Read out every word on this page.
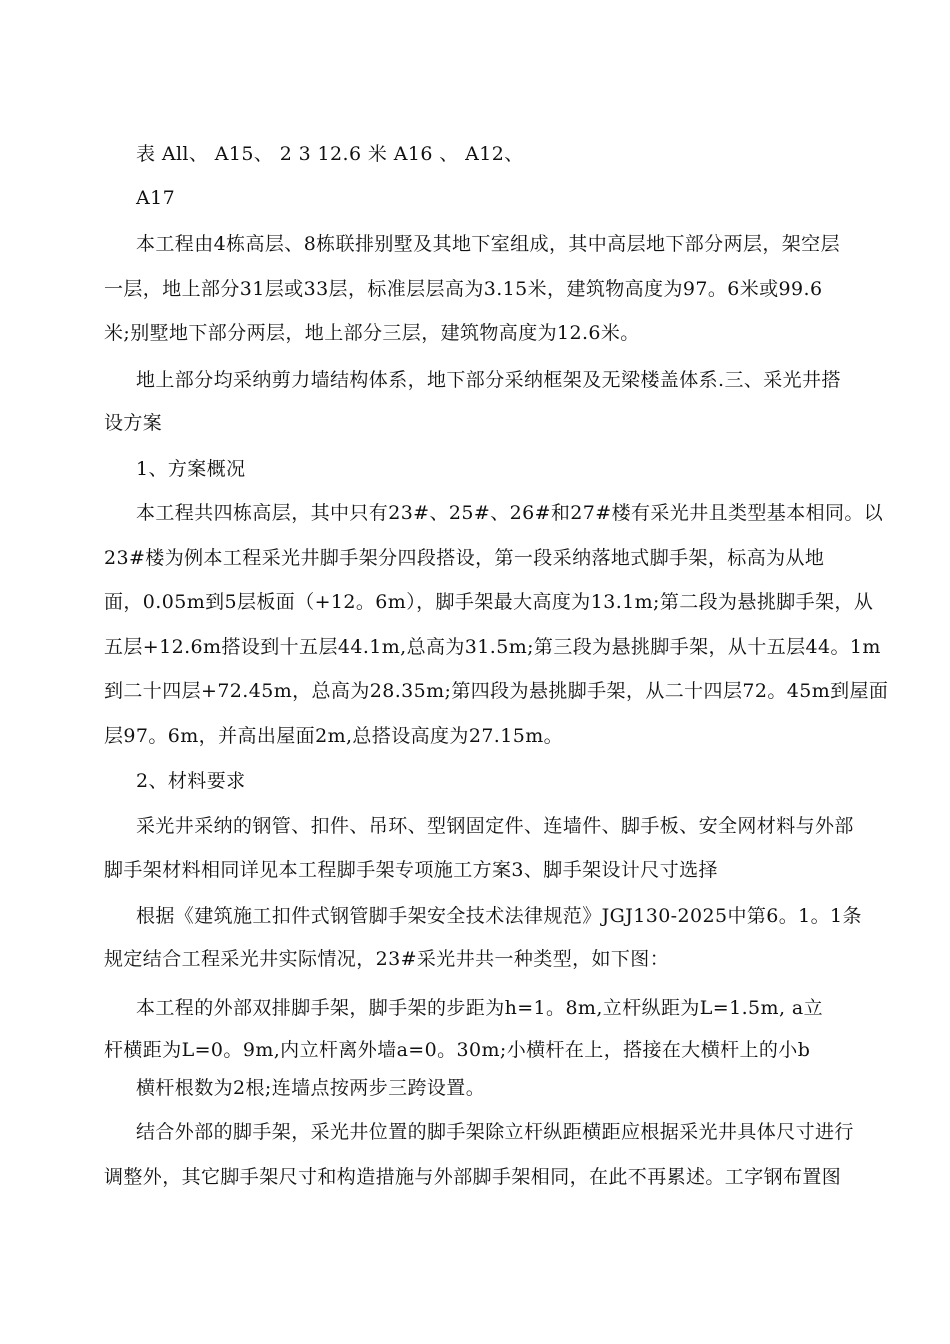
表 All、 A15、 2 3 12.6 米 A16 、 A12、
A17
本工程由4栋高层、8栋联排别墅及其地下室组成，其中高层地下部分两层，架空层
一层，地上部分31层或33层，标准层层高为3.15米，建筑物高度为97。6米或99.6
米;别墅地下部分两层，地上部分三层，建筑物高度为12.6米。
地上部分均采纳剪力墙结构体系，地下部分采纳框架及无梁楼盖体系.三、采光井搭
设方案
1、方案概况
本工程共四栋高层，其中只有23#、25#、26#和27#楼有采光井且类型基本相同。以
23#楼为例本工程采光井脚手架分四段搭设，第一段采纳落地式脚手架，标高为从地
面，0.05m到5层板面（+12。6m），脚手架最大高度为13.1m;第二段为悬挑脚手架，从
五层+12.6m搭设到十五层44.1m,总高为31.5m;第三段为悬挑脚手架，从十五层44。1m
到二十四层+72.45m，总高为28.35m;第四段为悬挑脚手架，从二十四层72。45m到屋面
层97。6m，并高出屋面2m,总搭设高度为27.15m。
2、材料要求
采光井采纳的钢管、扣件、吊环、型钢固定件、连墙件、脚手板、安全网材料与外部
脚手架材料相同详见本工程脚手架专项施工方案3、脚手架设计尺寸选择
根据《建筑施工扣件式钢管脚手架安全技术法律规范》JGJ130-2025中第6。1。1条
规定结合工程采光井实际情况，23#采光井共一种类型，如下图：
本工程的外部双排脚手架，脚手架的步距为h=1。8m,立杆纵距为L=1.5m, a立
杆横距为L=0。9m,内立杆离外墙a=0。30m;小横杆在上，搭接在大横杆上的小b
横杆根数为2根;连墙点按两步三跨设置。
结合外部的脚手架，采光井位置的脚手架除立杆纵距横距应根据采光井具体尺寸进行
调整外，其它脚手架尺寸和构造措施与外部脚手架相同，在此不再累述。工字钢布置图
